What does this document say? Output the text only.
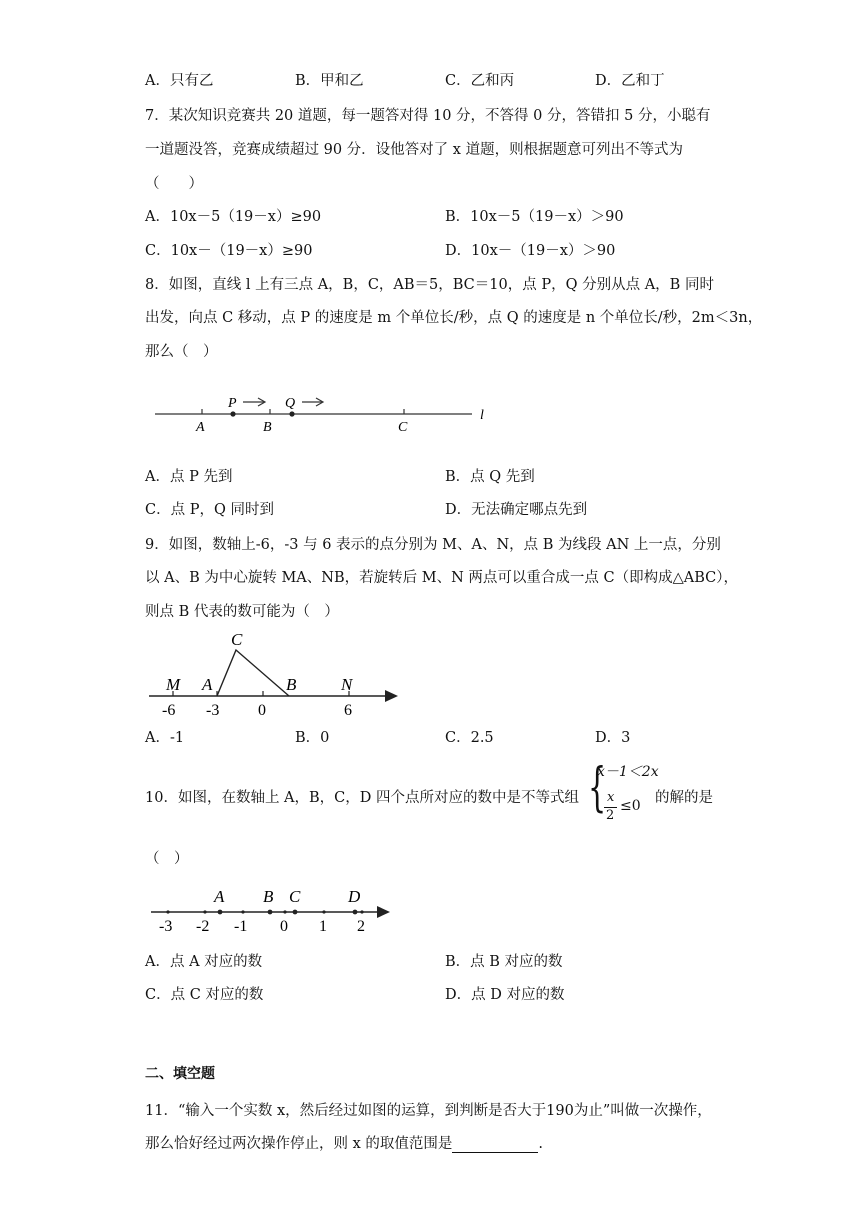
A．只有乙	B．甲和乙	C．乙和丙	D．乙和丁
7．某次知识竞赛共 20 道题，每一题答对得 10 分，不答得 0 分，答错扣 5 分，小聪有
一道题没答，竞赛成绩超过 90 分．设他答对了 x 道题，则根据题意可列出不等式为
（　　）
A．10x－5（19－x）≥90	B．10x－5（19－x）＞90
C．10x－（19－x）≥90	D．10x－（19－x）＞90
8．如图，直线 l 上有三点 A，B，C，AB＝5，BC＝10，点 P，Q 分别从点 A，B 同时
出发，向点 C 移动，点 P 的速度是 m 个单位长/秒，点 Q 的速度是 n 个单位长/秒，2m＜3n，
那么（　）
P	Q
A	B	C
l
A．点 P 先到	B．点 Q 先到
C．点 P，Q 同时到	D．无法确定哪点先到
9．如图，数轴上-6，-3 与 6 表示的点分别为 M、A、N，点 B 为线段 AN 上一点，分别
以 A、B 为中心旋转 MA、NB，若旋转后 M、N 两点可以重合成一点 C（即构成△ABC），
则点 B 代表的数可能为（　）
C
M A	B	N
-6 -3 0	6
A．-1	B．0	C．2.5	D．3
10．如图，在数轴上 A，B，C，D 四个点所对应的数中是不等式组 {
x－1＜2x
x
2
≤0 的解的是
（　）
A B C	D
-3 -2 -1 0 1 2
A．点 A 对应的数	B．点 B 对应的数
C．点 C 对应的数	D．点 D 对应的数
二、填空题
11．“输入一个实数 x，然后经过如图的运算，到判断是否大于190为止”叫做一次操作，
那么恰好经过两次操作停止，则 x 的取值范围是	.
